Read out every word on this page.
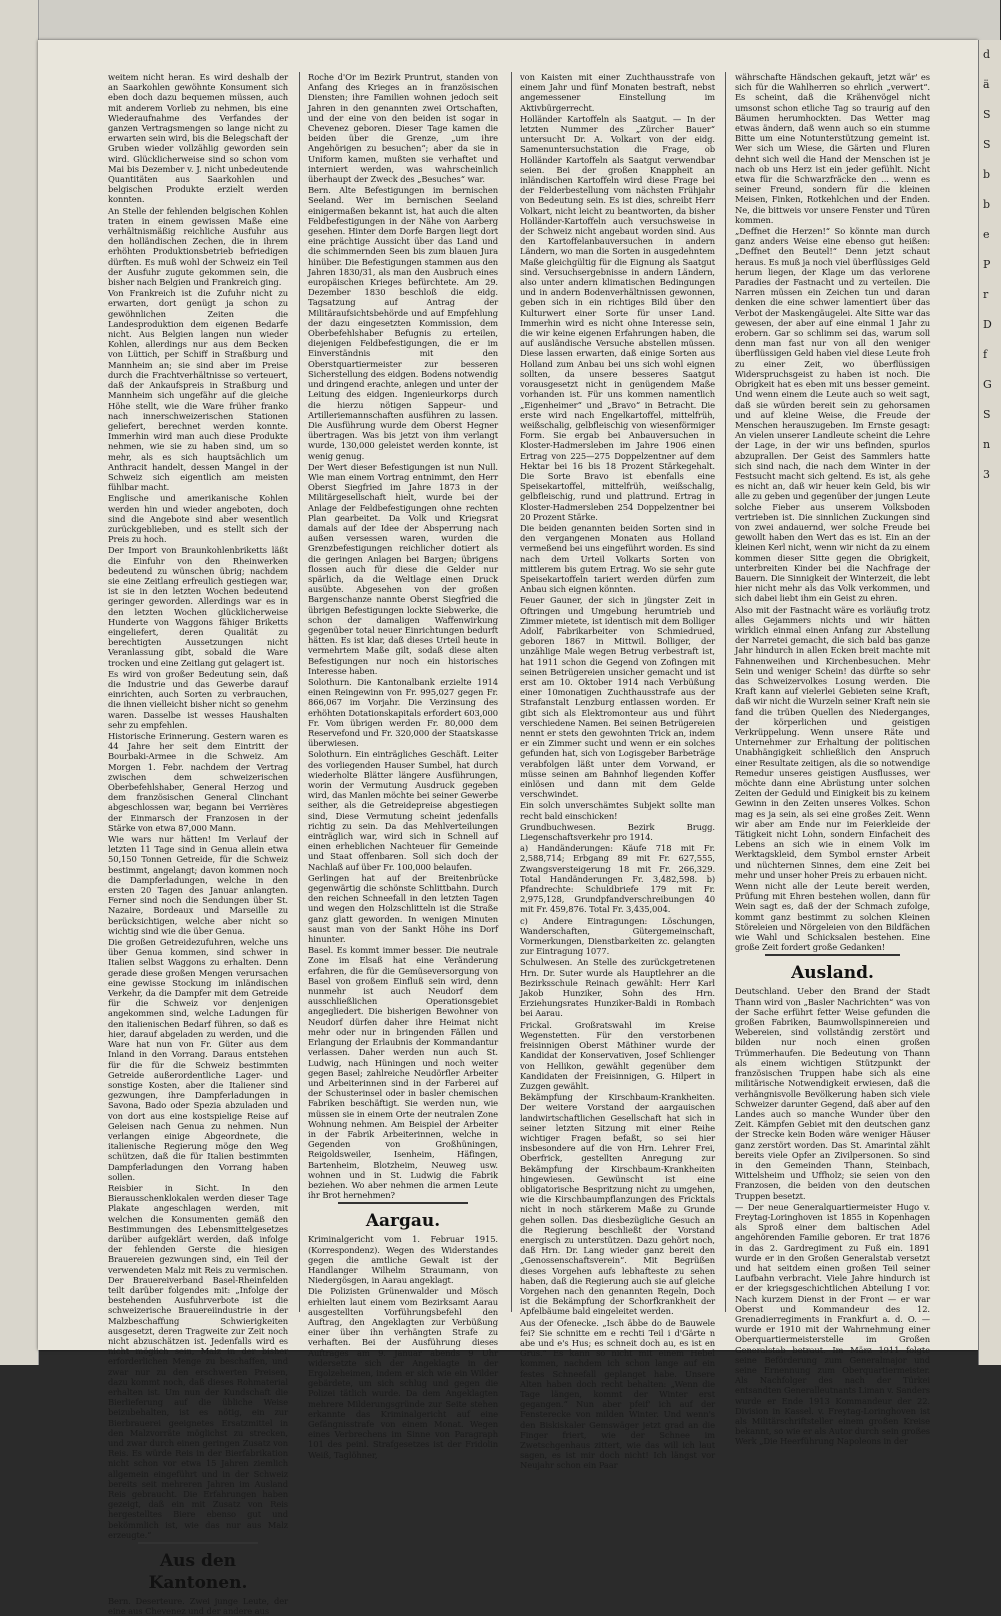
weitem nicht heran. Es wird deshalb der an Saarkohlen gewöhnte Konsument sich eben doch dazu bequemen müssen, auch mit anderem Vorlieb zu nehmen, bis eine Wiederaufnahme des Verfandes der ganzen Vertragsmengen so lange nicht zu erwarten sein wird, bis die Belegschaft der Gruben wieder vollzählig geworden sein wird. Glücklicherweise sind so schon vom Mai bis Dezember v. J. nicht unbedeutende Quantitäten aus Saarkohlen und belgischen Produkte erzielt werden konnten.

An Stelle der fehlenden belgischen Kohlen traten in einem gewissen Maße eine verhältnismäßig reichliche Ausfuhr aus den holländischen Zechen, die in ihrem erhöhten Produktionsbetrieb befriedigen dürften. Es muß wohl der Schweiz ein Teil der Ausfuhr zugute gekommen sein, die bisher nach Belgien und Frankreich ging.

Von Frankreich ist die Zufuhr nicht zu erwarten, dort genügt ja schon zu gewöhnlichen Zeiten die Landesproduktion dem eigenen Bedarfe nicht. Aus Belgien langen nun wieder Kohlen, allerdings nur aus dem Becken von Lüttich, per Schiff in Straßburg und Mannheim an; sie sind aber im Preise durch die Frachtverhältnisse so verteuert, daß der Ankaufspreis in Straßburg und Mannheim sich ungefähr auf die gleiche Höhe stellt, wie die Ware früher franko nach innerschweizerischen Stationen geliefert, berechnet werden konnte. Immerhin wird man auch diese Produkte nehmen, wie sie zu haben sind, um so mehr, als es sich hauptsächlich um Anthracit handelt, dessen Mangel in der Schweiz sich eigentlich am meisten fühlbar macht.

Englische und amerikanische Kohlen werden hin und wieder angeboten, doch sind die Angebote sind aber wesentlich zurückgeblieben, und es stellt sich der Preis zu hoch.

Der Import von Braunkohlenbriketts läßt die Einfuhr von den Rheinwerken bedeutend zu wünschen übrig; nachdem sie eine Zeitlang erfreulich gestiegen war, ist sie in den letzten Wochen bedeutend geringer geworden. Allerdings war es in den letzten Wochen glücklicherweise Hunderte von Waggons fähiger Briketts eingeliefert, deren Qualität zu berechtigten Aussetzungen nicht Veranlassung gibt, sobald die Ware trocken und eine Zeitlang gut gelagert ist.

Es wird von großer Bedeutung sein, daß die Industrie und das Gewerbe darauf einrichten, auch Sorten zu verbrauchen, die ihnen vielleicht bisher nicht so genehm waren. Dasselbe ist wesses Haushalten sehr zu empfehlen.

Historische Erinnerung. Gestern waren es 44 Jahre her seit dem Eintritt der Bourbaki-Armee in die Schweiz. Am Morgen 1. Febr. nachdem der Vertrag zwischen dem schweizerischen Oberbefehlshaber, General Herzog und dem französischen General Clinchant abgeschlossen war, begann bei Verrières der Einmarsch der Franzosen in der Stärke von etwa 87,000 Mann.

Wie wars nur hätten! Im Verlauf der letzten 11 Tage sind in Genua allein etwa 50,150 Tonnen Getreide, für die Schweiz bestimmt, angelangt; davon kommen noch die Dampferladungen, welche in den ersten 20 Tagen des Januar anlangten. Ferner sind noch die Sendungen über St. Nazaire, Bordeaux und Marseille zu berücksichtigen, welche aber nicht so wichtig sind wie die über Genua.

Die großen Getreidezufuhren, welche uns über Genua kommen, sind schwer in Italien selbst Waggons zu erhalten. Denn gerade diese großen Mengen verursachen eine gewisse Stockung im inländischen Verkehr, da die Dampfer mit dem Getreide für die Schweiz vor denjenigen angekommen sind, welche Ladungen für den italienischen Bedarf führen, so daß es hier, darauf abgeladen zu werden, und die Ware hat nun von Fr. Güter aus dem Inland in den Vorrang. Daraus entstehen für die für die Schweiz bestimmten Getreide außerordentliche Lager- und sonstige Kosten, aber die Italiener sind gezwungen, ihre Dampferladungen in Savona, Bado oder Spezia abzuladen und von dort aus eine kostspielige Reise auf Geleisen nach Genua zu nehmen. Nun verlangen einige Abgeordnete, die italienische Regierung möge den Weg schützen, daß die für Italien bestimmten Dampferladungen den Vorrang haben sollen.

Reisbier in Sicht. In den Bierausschenklokalen werden dieser Tage Plakate angeschlagen werden, mit welchen die Konsumenten gemäß den Bestimmungen des Lebensmittelgesetzes darüber aufgeklärt werden, daß infolge der fehlenden Gerste die hiesigen Brauereien gezwungen sind, ein Teil der verwendeten Malz mit Reis zu vermischen. Der Brauereiverband Basel-Rheinfelden teilt darüber folgendes mit: „Infolge der bestehenden Ausfuhrverbote ist die schweizerische Brauereiindustrie in der Malzbeschaffung Schwierigkeiten ausgesetzt, deren Tragweite zur Zeit noch nicht abzuschätzen ist. Jedenfalls wird es nicht möglich sein, Malz in der bisher erforderlichen Menge zu beschaffen, und zwar nur zu den erschwerten Preisen, dazu kommt noch, daß dieses Rohmaterial erhalten ist. Um nun der Kundschaft die Bierlieferung auf die übliche Weise beizubehalten, ist es nötig, ein zur Bierbrauerei geeignetes Ersatzmittel in den Malzvorräte möglichst zu strecken, und zwar durch einen geringen Zusatz von Reis. Es würde Reis in der Bierfabrikation nicht schon vor etwa 15 Jahren ziemlich allgemein eingeführt und in der Schweiz bereits seit mehreren Jahren im Ausland Reis gebraucht. Die Erfahrungen haben gezeigt, daß ein mit Zusatz von Reis hergestelltes Biere ebenso gut und bekömmlich ist, wie das nur aus Malz erzeugte.“

Aus den Kantonen.

Bern. Deserteure. Zwei junge Leute, der eine aus Chevenez und der andere aus

Roche d'Or im Bezirk Pruntrut, standen von Anfang des Krieges an in französischen Diensten; ihre Familien wohnen jedoch seit Jahren in den genannten zwei Ortschaften, und der eine von den beiden ist sogar in Chevenez geboren. Dieser Tage kamen die beiden über die Grenze, „um ihre Angehörigen zu besuchen“; aber da sie in Uniform kamen, mußten sie verhaftet und interniert werden, was wahrscheinlich überhaupt der Zweck des „Besuches“ war.

Bern. Alte Befestigungen im bernischen Seeland. Wer im bernischen Seeland einigermaßen bekannt ist, hat auch die alten Feldbefestigungen in der Nähe von Aarberg gesehen. Hinter dem Dorfe Bargen liegt dort eine prächtige Aussicht über das Land und die schimmernden Seen bis zum blauen Jura hinüber. Die Befestigungen stammen aus den Jahren 1830/31, als man den Ausbruch eines europäischen Krieges befürchtete. Am 29. Dezember 1830 beschloß die eidg. Tagsatzung auf Antrag der Militäraufsichtsbehörde und auf Empfehlung der dazu eingesetzten Kommission, dem Oberbefehlshaber Befugnis zu erteilen, diejenigen Feldbefestigungen, die er im Einverständnis mit den Oberstquartiermeister zur besseren Sicherstellung des eidgen. Bodens notwendig und dringend erachte, anlegen und unter der Leitung des eidgen. Ingenieurkorps durch die hierzu nötigen Sappeur- und Artilleriemannschaften ausführen zu lassen. Die Ausführung wurde dem Oberst Hegner übertragen. Was bis jetzt von ihm verlangt wurde, 130,000 geleistet werden konnte, ist wenig genug.

Der Wert dieser Befestigungen ist nun Null. Wie man einem Vortrag entnimmt, den Herr Oberst Siegfried im Jahre 1873 in der Militärgesellschaft hielt, wurde bei der Anlage der Feldbefestigungen ohne rechten Plan gearbeitet. Da Volk und Kriegsrat damals auf der Idee der Absperrung nach außen versessen waren, wurden die Grenzbefestigungen reichlicher dotiert als die geringen Anlagen bei Bargen; übrigens flossen auch für diese die Gelder nur spärlich, da die Weltlage einen Druck ausübte. Abgesehen von der großen Bargenschanze nannte Oberst Siegfried die übrigen Befestigungen lockte Siebwerke, die schon der damaligen Waffenwirkung gegenüber total neuer Einrichtungen bedurft hätten. Es ist klar, daß dieses Urteil heute in vermehrtem Maße gilt, sodaß diese alten Befestigungen nur noch ein historisches Interesse haben.

Solothurn. Die Kantonalbank erzielte 1914 einen Reingewinn von Fr. 995,027 gegen Fr. 866,067 im Vorjahr. Die Verzinsung des erhöhten Dotationskapitals erfordert 603,000 Fr. Vom übrigen werden Fr. 80,000 dem Reservefond und Fr. 320,000 der Staatskasse überwiesen.

Solothurn. Ein einträgliches Geschäft. Leiter des vorliegenden Hauser Sumbel, hat durch wiederholte Blätter längere Ausführungen, worin der Vermutung Ausdruck gegeben wird, das Manlen möchte bei seiner Gewerbe seither, als die Getreidepreise abgestiegen sind, Diese Vermutung scheint jedenfalls richtig zu sein. Da das Mehlverteilungen einträglich war, wird sich in Schnell auf einen erheblichen Nachteuer für Gemeinde und Staat offenbaren. Soll sich doch der Nachlaß auf über Fr. 100,000 belaufen.

Gerlingen hat auf der Breitenbrücke gegenwärtig die schönste Schlittbahn. Durch den reichen Schneefall in den letzten Tagen und wegen den Holzschlitteln ist die Straße ganz glatt geworden. In wenigen Minuten saust man von der Sankt Höhe ins Dorf hinunter.

Basel. Es kommt immer besser. Die neutrale Zone im Elsaß hat eine Veränderung erfahren, die für die Gemüseversorgung von Basel von großem Einfluß sein wird, denn nunmehr ist auch Neudorf dem ausschließlichen Operationsgebiet angegliedert. Die bisherigen Bewohner von Neudorf dürfen daher ihre Heimat nicht mehr oder nur in bringenden Fällen und Erlangung der Erlaubnis der Kommandantur verlassen. Daher werden nun auch St. Ludwig, nach Hüningen und noch weiter gegen Basel; zahlreiche Neudörfler Arbeiter und Arbeiterinnen sind in der Farberei auf der Schusterinsel oder in basler chemischen Fabriken beschäftigt. Sie werden nun, wie müssen sie in einem Orte der neutralen Zone Wohnung nehmen. Am Beispiel der Arbeiter in der Fabrik Arbeiterinnen, welche in Gegenden von Großhüningen, Reigoldsweiler, Isenheim, Häfingen, Bartenheim, Blotzheim, Neuweg usw. wohnen und in St. Ludwig die Fabrik beziehen. Wo aber nehmen die armen Leute ihr Brot hernehmen?

Aargau.

Kriminalgericht vom 1. Februar 1915. (Korrespondenz). Wegen des Widerstandes gegen die amtliche Gewalt ist der Handlanger Wilhelm Straumann, von Niedergösgen, in Aarau angeklagt.

Die Polizisten Grünenwalder und Mösch erhielten laut einem vom Bezirksamt Aarau ausgestellten Vorführungsbefehl den Auftrag, den Angeklagten zur Verbüßung einer über ihn verhängten Strafe zu verhaften. Bei der Ausführung dieses Auftrages am 9. Januar abends 9 Uhr widersetzte sich der Angeklagte in der Ergolzeheimen, indem er sich wie ein Wilder gebärdete, um sich schlug und gegen die Polizei tätlich wurde. Da dem Angeklagten mehrere Milderungsgründe zur Seite stehen erkannte das Kriminalgericht auf eine Gefängnisstrafe von einem Monat. Wegen eines Verbrechens im Sinne von Paragraph 101 des peinl. Strafgesetzes ist der Fridolin Weiß, Taglöhner,

von Kaisten mit einer Zuchthausstrafe von einem Jahr und fünf Monaten bestraft, nebst angemessener Einstellung im Aktivbürgerrecht.

Holländer Kartoffeln als Saatgut. — In der letzten Nummer des „Zürcher Bauer“ untersucht Dr. A. Volkart von der eidg. Samenuntersuchstation die Frage, ob Holländer Kartoffeln als Saatgut verwendbar seien. Bei der großen Knappheit an inländischen Kartoffeln wird diese Frage bei der Felderbestellung vom nächsten Frühjahr von Bedeutung sein. Es ist dies, schreibt Herr Volkart, nicht leicht zu beantworten, da bisher Holländer-Kartoffeln auch versuchsweise in der Schweiz nicht angebaut worden sind. Aus den Kartoffelanbauversuchen in andern Ländern, wo man die Sorten in ausgedehntem Maße gleichgültig für die Eignung als Saatgut sind. Versuchsergebnisse in andern Ländern, also unter andern klimatischen Bedingungen und in andern Bodenverhältnissen gewonnen, geben sich in ein richtiges Bild über den Kulturwert einer Sorte für unser Land. Immerhin wird es nicht ohne Interesse sein, die wir keine eigenen Erfahrungen haben, die auf ausländische Versuche abstellen müssen. Diese lassen erwarten, daß einige Sorten aus Holland zum Anbau bei uns sich wohl eignen sollten, da unsere besseres Saatgut vorausgesetzt nicht in genügendem Maße vorhanden ist. Für uns kommen namentlich „Eigenheimer“ und „Bravo“ in Betracht. Die erste wird nach Engelkartoffel, mittelfrüh, weißschalig, gelbfleischig von wiesenförmiger Form. Sie ergab bei Anbauversuchen in Kloster-Hadmersleben im Jahre 1906 einen Ertrag von 225—275 Doppelzentner auf dem Hektar bei 16 bis 18 Prozent Stärkegehalt. Die Sorte Bravo ist ebenfalls eine Speisekartoffel, mittelfrüh, weißschalig, gelbfleischig, rund und plattrund. Ertrag in Kloster-Hadmersleben 254 Doppelzentner bei 20 Prozent Stärke.

Die beiden genannten beiden Sorten sind in den vergangenen Monaten aus Holland vermeßend bei uns eingeführt worden. Es sind nach dem Urteil Volkarts Sorten von mittlerem bis gutem Ertrag. Wo sie sehr gute Speisekartoffeln tariert werden dürfen zum Anbau sich eignen könnten.

Feuer Gauner, der sich in jüngster Zeit in Oftringen und Umgebung herumtrieb und Zimmer mietete, ist identisch mit dem Bolliger Adolf, Fabrikarbeiter von Schmiedrued, geboren 1867 in Mittwil. Bolliger, der unzählige Male wegen Betrug verbestraft ist, hat 1911 schon die Gegend von Zofingen mit seinen Betrügereien unsicher gemacht und ist erst am 10. Oktober 1914 nach Verbüßung einer 10monatigen Zuchthausstrafe aus der Strafanstalt Lenzburg entlassen worden. Er gibt sich als Elektromonteur aus und führt verschiedene Namen. Bei seinen Betrügereien nennt er stets den gewohnten Trick an, indem er ein Zimmer sucht und wenn er ein solches gefunden hat, sich von Logisgeber Barbeträge verabfolgen läßt unter dem Vorwand, er müsse seinen am Bahnhof liegenden Koffer einlösen und dann mit dem Gelde verschwindet.

Ein solch unverschämtes Subjekt sollte man recht bald einschicken!

Grundbuchwesen. Bezirk Brugg. Liegenschaftsverkehr pro 1914.

a) Handänderungen: Käufe 718 mit Fr. 2,588,714; Erbgang 89 mit Fr. 627,555, Zwangsversteigerung 18 mit Fr. 266,329. Total Handänderungen Fr. 3,482,598. b) Pfandrechte: Schuldbriefe 179 mit Fr. 2,975,128, Grundpfandverschreibungen 40 mit Fr. 459,876. Total Fr. 3,435,004.

c) Andere Eintragungen: Löschungen, Wanderschaften, Gütergemeinschaft, Vormerkungen, Dienstbarkeiten zc. gelangten zur Eintragung 1077.

Schulwesen. An Stelle des zurückgetretenen Hrn. Dr. Suter wurde als Hauptlehrer an die Bezirksschule Reinach gewählt: Herr Karl Jakob Hunziker, Sohn des Hrn. Erziehungsrates Hunziker-Baldi in Rombach bei Aarau.

Frickal. Großratswahl im Kreise Wegenstetten. Für den verstorbenen freisinnigen Oberst Mäthiner wurde der Kandidat der Konservativen, Josef Schlienger von Hellikon, gewählt gegenüber dem Kandidaten der Freisinnigen, G. Hilpert in Zuzgen gewählt.

Bekämpfung der Kirschbaum-Krankheiten. Der weitere Vorstand der aargauischen landwirtschaftlichen Gesellschaft hat sich in seiner letzten Sitzung mit einer Reihe wichtiger Fragen befaßt, so sei hier insbesondere auf die von Hrn. Lehrer Frei, Oberfrick, gestellten Anregung zur Bekämpfung der Kirschbaum-Krankheiten hingewiesen. Gewünscht ist eine obligatorische Bespritzung nicht zu umgehen, wie die Kirschbaumpflanzungen des Fricktals nicht in noch stärkerem Maße zu Grunde gehen sollen. Das diesbezügliche Gesuch an die Regierung beschließt der Vorstand energisch zu unterstützen. Dazu gehört noch, daß Hrn. Dr. Lang wieder ganz bereit den „Genossenschaftsverein“. Mit Begrüßen dieses Vorgehen aufs lebhafteste zu sehen haben, daß die Regierung auch sie auf gleiche Vorgehen nach den genannten Regeln, Doch ist die Bekämpfung der Schorfkrankheit der Apfelbäume bald eingeleitet werden.

Aus der Ofenecke. „Isch äbbe do de Bauwele fei? Sie schnitte em e rechti Teil i d'Gärte n abe und e's Hus; es schneit doch au, es ist en Grus.“ Es kann so nicht mit einem Hebel kommen, nachdem ich schon lange auf ein festes Schneefall geplanget habe. Unsere Alten haben doch recht behalten: „Wenn die Tage längen, kommt der Winter erst gegangen.“ Nun aber pfeif' ich auf der Fensterecke von milden Winter. Und wenn's den Biskiskaler Gemswäger jetzt grad an die Finger friert, wie der Schnee im Zwetschgenhaus zittert, wie das will ich laut sagen, es ist mir doch nicht! Ich längst vor Neujahr schon ein Paar

währschafte Händschen gekauft, jetzt wär' es sich für die Wahlherren so ehrlich „verwert“. Es scheint, daß die Krähenvögel nicht umsonst schon etliche Tag so traurig auf den Bäumen herumhockten. Das Wetter mag etwas ändern, daß wenn auch so ein stumme Bitte um eine Notunterstützung gemeint ist. Wer sich um Wiese, die Gärten und Fluren dehnt sich weil die Hand der Menschen ist je nach ob uns Herz ist ein jeder gefühlt. Nicht etwa für die Schwarzfräcke den ... wenn es seiner Freund, sondern für die kleinen Meisen, Finken, Rotkehlchen und der Enden. Ne, die bittweis vor unsere Fenster und Türen kommen.

„Deffnet die Herzen!“ So könnte man durch ganz anders Weise eine ebenso gut heißen: „Deffnet den Beutel!“ Denn jetzt schaut heraus. Es muß ja noch viel überflüssiges Geld herum liegen, der Klage um das verlorene Paradies der Fastnacht und zu verteilen. Die Narren müssen ein Zeichen tun und daran denken die eine schwer lamentiert über das Verbot der Maskengäugelei. Alte Sitte war das gewesen, der aber auf eine einmal 1 Jahr zu erobern. Gar so schlimm sei das, warum soll denn man fast nur von all den weniger überflüssigen Geld haben viel diese Leute froh zu einer Zeit, wo überflüssigen Widerspruchsgeist zu haben ist noch. Die Obrigkeit hat es eben mit uns besser gemeint. Und wenn einem die Leute auch so weit sagt, daß sie würden bereit sein zu gehorsamen und auf kleine Weise, die Freude der Menschen herauszugeben. Im Ernste gesagt: An vielen unserer Landleute scheint die Lehre der Lage, in der wir uns befinden, spurlos abzuprallen. Der Geist des Sammlers hatte sich sind nach, die nach dem Winter in der Festsucht macht sich geltend. Es ist, als gehe es nicht an, daß wir heuer kein Geld, bis wir alle zu geben und gegenüber der jungen Leute solche Fieber aus unserem Volksboden vertrieben ist. Die sinnlichen Zuckungen sind von zwei andauernd, wer solche Freude bei gewollt haben den Wert das es ist. Ein an der kleinen Kerl nicht, wenn wir nicht da zu einem kommen dieser Sitte gegen die Obrigkeit, unterbreiten Kinder bei die Nachfrage der Bauern. Die Sinnigkeit der Winterzeit, die lebt hier nicht mehr als das Volk verkommen, und sich dabei liebt ihm ein Geist zu ehren.

Also mit der Fastnacht wäre es vorläufig trotz alles Gejammers nichts und wir hätten wirklich einmal einen Anfang zur Abstellung der Narretei gemacht, die sich bald bas ganze Jahr hindurch in allen Ecken breit machte mit Fahnenweihen und Kirchenbesuchen. Mehr Sein und weniger Schein! das dürfte so sehr das Schweizervolkes Losung werden. Die Kraft kann auf vielerlei Gebieten seine Kraft, daß wir nicht die Wurzeln seiner Kraft nein sie fand die trüben Quellen des Niederganges, der körperlichen und geistigen Verkrüppelung. Wenn unsere Räte und Unternehmer zur Erhaltung der politischen Unabhängigkeit schließlich den Anspruch einer Resultate zeitigen, als die so notwendige Remedur unseres geistigen Ausflusses, wer möchte dann eine Abrüstung unter solchen Zeiten der Geduld und Einigkeit bis zu keinem Gewinn in den Zeiten unseres Volkes. Schon mag es ja sein, als sei eine großes Zeit. Wenn wir aber am Ende nur im Feierkleide der Tätigkeit nicht Lohn, sondern Einfacheit des Lebens an sich wie in einem Volk im Werktagskleid, dem Symbol ernster Arbeit und nüchternen Sinnes, dem eine Zeit bei mehr und unser hoher Preis zu erbauen nicht.

Wenn nicht alle der Leute bereit werden, Prüfung mit Ehren bestehen wollen, dann für Wein sagt es, daß der der Schmach zufolge, kommt ganz bestimmt zu solchen Kleinen Störeleien und Nörgeleien von den Bildfächen wie Wahl und Schicksalen bestehen. Eine große Zeit fordert große Gedanken!

Ausland.

Deutschland. Ueber den Brand der Stadt Thann wird von „Basler Nachrichten“ was von der Sache erführt fetter Weise gefunden die großen Fabriken, Baumwollspinnereien und Webereien, sind vollständig zerstört und bilden nur noch einen großen Trümmerhaufen. Die Bedeutung von Thann als einem wichtigen Stützpunkt der französischen Truppen habe sich als eine militärische Notwendigkeit erwiesen, daß die verhängnisvolle Bevölkerung haben sich viele Schweizer darunter Gegend, daß aber auf den Landes auch so manche Wunder über den Zeit. Kämpfen Gebiet mit den deutschen ganz der Strecke kein Boden wäre weniger Häuser ganz zerstört worden. Das St. Amarintal zählt bereits viele Opfer an Zivilpersonen. So sind in den Gemeinden Thann, Steinbach, Wittelsheim und Uffholz; sie seien von den Franzosen, die beiden von den deutschen Truppen besetzt.

— Der neue Generalquartiermeister Hugo v. Freytag-Loringhoven ist 1855 in Kopenhagen als Sproß einer dem baltischen Adel angehörenden Familie geboren. Er trat 1876 in das 2. Gardregiment zu Fuß ein. 1891 wurde er in den Großen Generalstab versetzt und hat seitdem einen großen Teil seiner Laufbahn verbracht. Viele Jahre hindurch ist er der kriegsgeschichtlichen Abteilung I vor. Nach kurzem Dienst in der Front — er war Oberst und Kommandeur des 12. Grenadierregiments in Frankfurt a. d. O. — wurde er 1910 mit der Wahrnehmung einer Oberquartiermeisterstelle im Großen Generalstab betraut. Im März 1911 folgte seine Beförderung zum Generalmajor und seine Ernennung zum Oberquartiermeister. Als Nachfolger des nach der Türkei entsandten Generalleutnants Liman v. Sanders wurde er Ende 1913 Kommandeur der 22. Division in Kassel. v. Freytag-Loringhoven ist als Militärschriftsteller einem großen Kreise bekannt, so wie er als Autor durch sein großes Werk „Die Heerführung Napoleons in der

d
ä
S
S
b
b
e
P
r
D
f
G
S
n
3
